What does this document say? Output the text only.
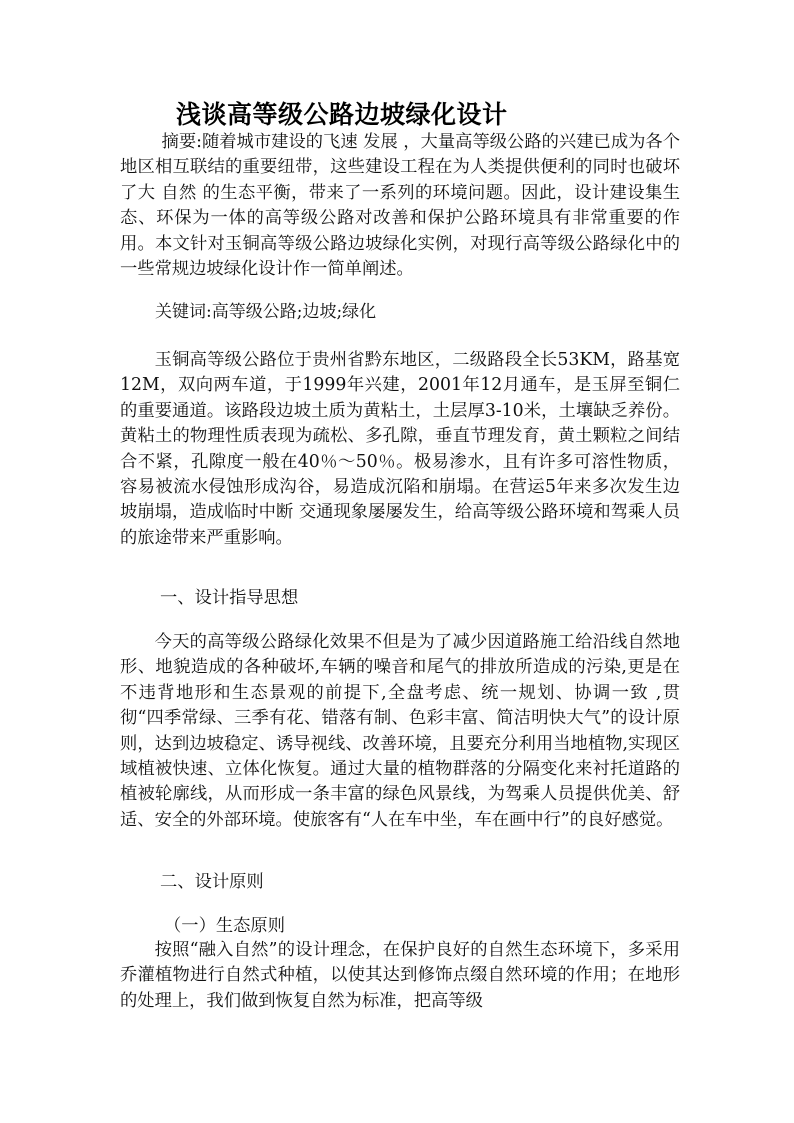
浅谈高等级公路边坡绿化设计
摘要:随着城市建设的飞速 发展 ，大量高等级公路的兴建已成为各个地区相互联结的重要纽带，这些建设工程在为人类提供便利的同时也破坏了大 自然 的生态平衡，带来了一系列的环境问题。因此，设计建设集生态、环保为一体的高等级公路对改善和保护公路环境具有非常重要的作用。本文针对玉铜高等级公路边坡绿化实例，对现行高等级公路绿化中的一些常规边坡绿化设计作一简单阐述。
关键词:高等级公路;边坡;绿化
玉铜高等级公路位于贵州省黔东地区，二级路段全长53KM，路基宽12M，双向两车道，于1999年兴建，2001年12月通车，是玉屏至铜仁的重要通道。该路段边坡土质为黄粘土，土层厚3-10米，土壤缺乏养份。黄粘土的物理性质表现为疏松、多孔隙，垂直节理发育，黄土颗粒之间结合不紧，孔隙度一般在40％～50％。极易渗水，且有许多可溶性物质，容易被流水侵蚀形成沟谷，易造成沉陷和崩塌。在营运5年来多次发生边坡崩塌，造成临时中断 交通现象屡屡发生，给高等级公路环境和驾乘人员的旅途带来严重影响。
一、设计指导思想
今天的高等级公路绿化效果不但是为了减少因道路施工给沿线自然地形、地貌造成的各种破坏,车辆的噪音和尾气的排放所造成的污染,更是在不违背地形和生态景观的前提下,全盘考虑、统一规划、协调一致 ,贯彻“四季常绿、三季有花、错落有制、色彩丰富、简洁明快大气”的设计原则，达到边坡稳定、诱导视线、改善环境，且要充分利用当地植物,实现区域植被快速、立体化恢复。通过大量的植物群落的分隔变化来衬托道路的植被轮廓线，从而形成一条丰富的绿色风景线，为驾乘人员提供优美、舒适、安全的外部环境。使旅客有“人在车中坐，车在画中行”的良好感觉。
二、设计原则
（一）生态原则
按照“融入自然”的设计理念，在保护良好的自然生态环境下，多采用乔灌植物进行自然式种植，以使其达到修饰点缀自然环境的作用；在地形的处理上，我们做到恢复自然为标准，把高等级
